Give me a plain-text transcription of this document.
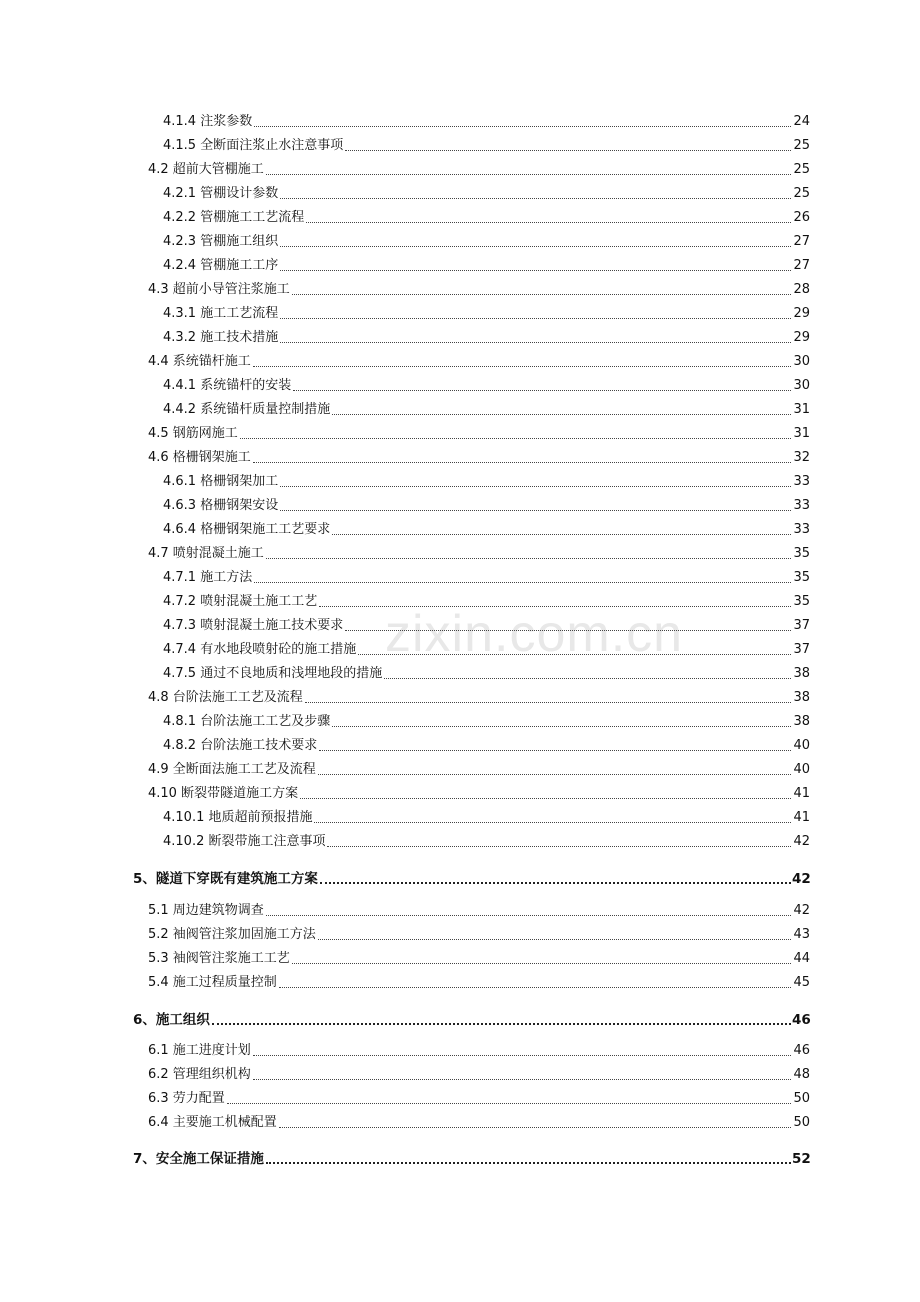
zixin.com.cn
4.1.4 注浆参数	24
4.1.5 全断面注浆止水注意事项	25
4.2 超前大管棚施工	25
4.2.1 管棚设计参数	25
4.2.2 管棚施工工艺流程	26
4.2.3 管棚施工组织	27
4.2.4 管棚施工工序	27
4.3 超前小导管注浆施工	28
4.3.1 施工工艺流程	29
4.3.2 施工技术措施	29
4.4 系统锚杆施工	30
4.4.1 系统锚杆的安装	30
4.4.2 系统锚杆质量控制措施	31
4.5 钢筋网施工	31
4.6 格栅钢架施工	32
4.6.1 格栅钢架加工	33
4.6.3 格栅钢架安设	33
4.6.4 格栅钢架施工工艺要求	33
4.7 喷射混凝土施工	35
4.7.1 施工方法	35
4.7.2 喷射混凝土施工工艺	35
4.7.3 喷射混凝土施工技术要求	37
4.7.4 有水地段喷射砼的施工措施	37
4.7.5 通过不良地质和浅埋地段的措施	38
4.8 台阶法施工工艺及流程	38
4.8.1 台阶法施工工艺及步骤	38
4.8.2 台阶法施工技术要求	40
4.9 全断面法施工工艺及流程	40
4.10 断裂带隧道施工方案	41
4.10.1 地质超前预报措施	41
4.10.2 断裂带施工注意事项	42
5、隧道下穿既有建筑施工方案	42
5.1 周边建筑物调查	42
5.2 袖阀管注浆加固施工方法	43
5.3 袖阀管注浆施工工艺	44
5.4 施工过程质量控制	45
6、施工组织	46
6.1 施工进度计划	46
6.2 管理组织机构	48
6.3 劳力配置	50
6.4 主要施工机械配置	50
7、安全施工保证措施	52
